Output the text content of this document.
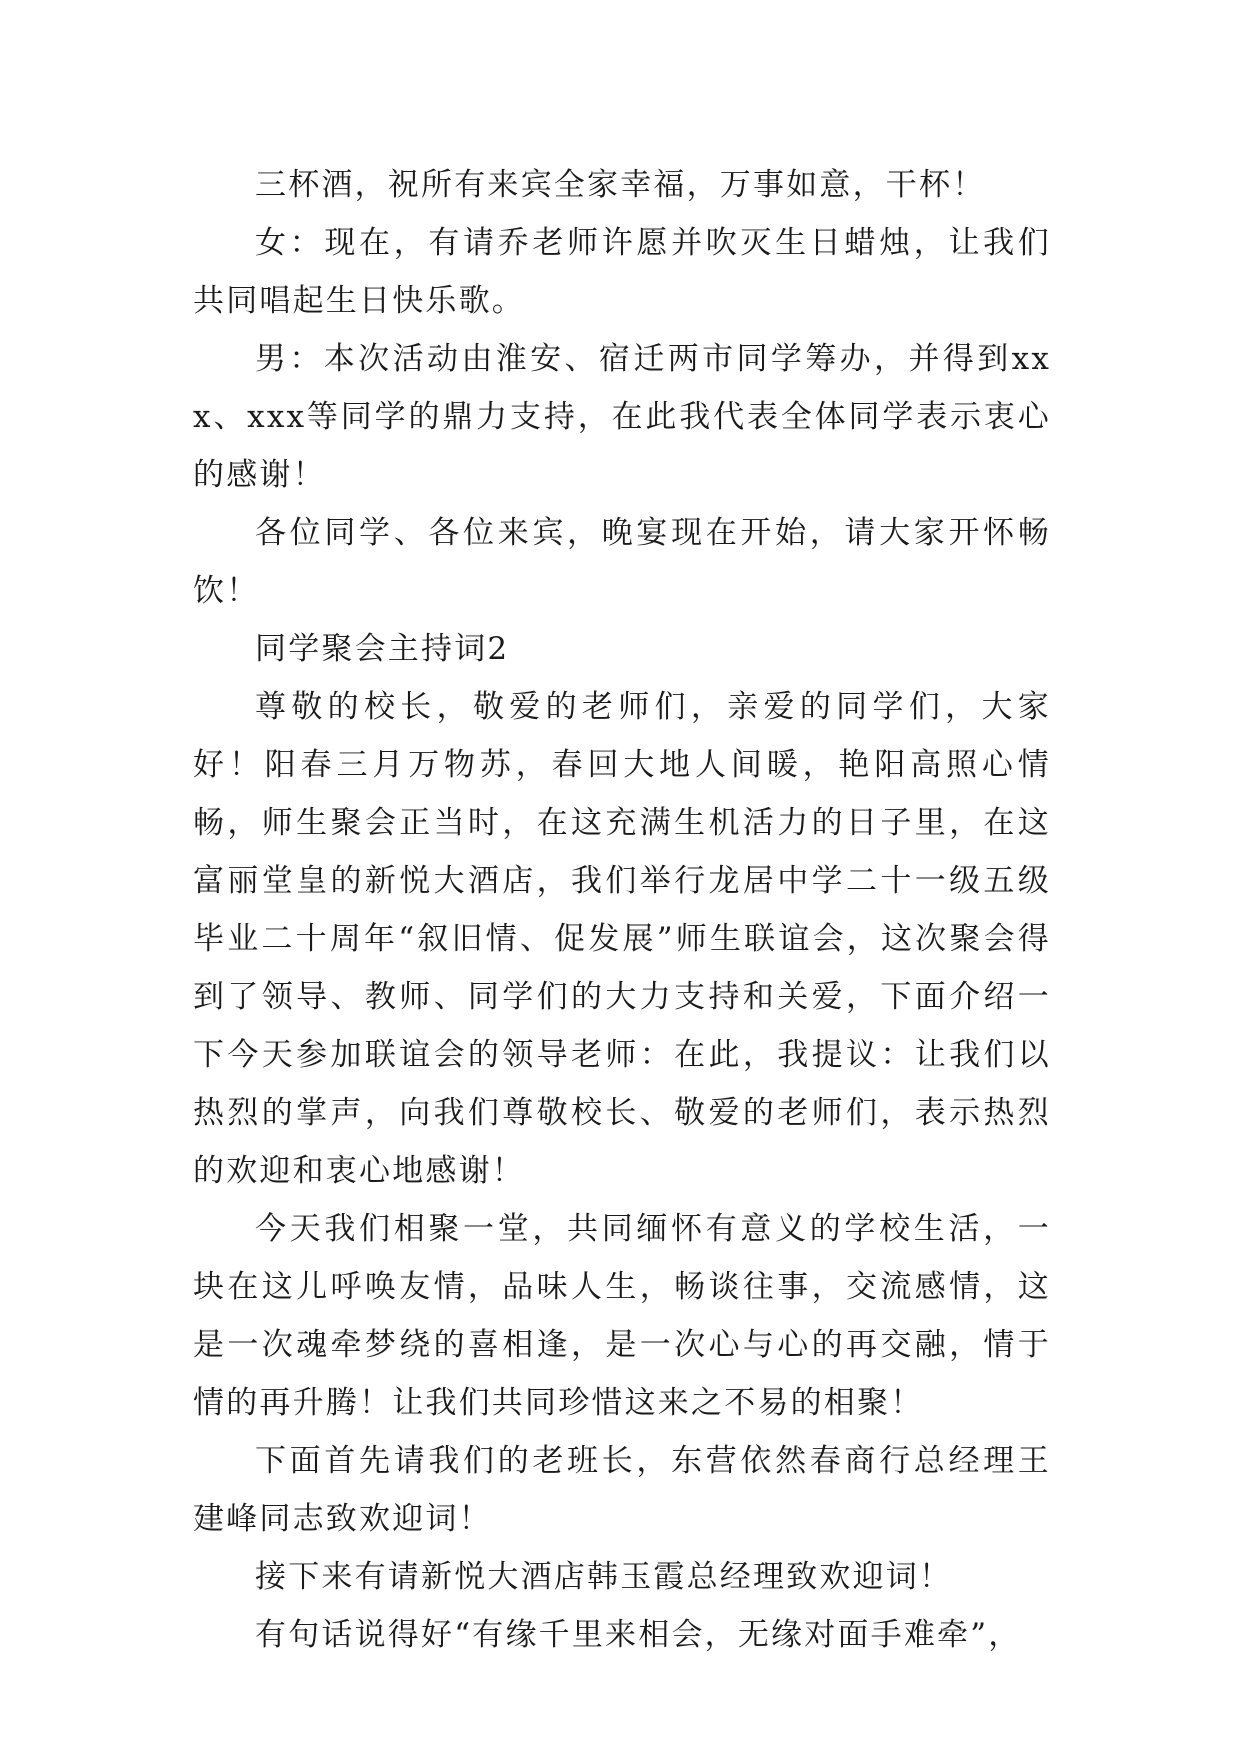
三杯酒，祝所有来宾全家幸福，万事如意，干杯！

女：现在，有请乔老师许愿并吹灭生日蜡烛，让我们共同唱起生日快乐歌。

男：本次活动由淮安、宿迁两市同学筹办，并得到xxx、xxx等同学的鼎力支持，在此我代表全体同学表示衷心的感谢！

各位同学、各位来宾，晚宴现在开始，请大家开怀畅饮！

同学聚会主持词2

尊敬的校长，敬爱的老师们，亲爱的同学们，大家好！阳春三月万物苏，春回大地人间暖，艳阳高照心情畅，师生聚会正当时，在这充满生机活力的日子里，在这富丽堂皇的新悦大酒店，我们举行龙居中学二十一级五级毕业二十周年“叙旧情、促发展”师生联谊会，这次聚会得到了领导、教师、同学们的大力支持和关爱，下面介绍一下今天参加联谊会的领导老师：在此，我提议：让我们以热烈的掌声，向我们尊敬校长、敬爱的老师们，表示热烈的欢迎和衷心地感谢！

今天我们相聚一堂，共同缅怀有意义的学校生活，一块在这儿呼唤友情，品味人生，畅谈往事，交流感情，这是一次魂牵梦绕的喜相逢，是一次心与心的再交融，情于情的再升腾！让我们共同珍惜这来之不易的相聚！

下面首先请我们的老班长，东营依然春商行总经理王建峰同志致欢迎词！

接下来有请新悦大酒店韩玉霞总经理致欢迎词！

有句话说得好“有缘千里来相会，无缘对面手难牵”，
